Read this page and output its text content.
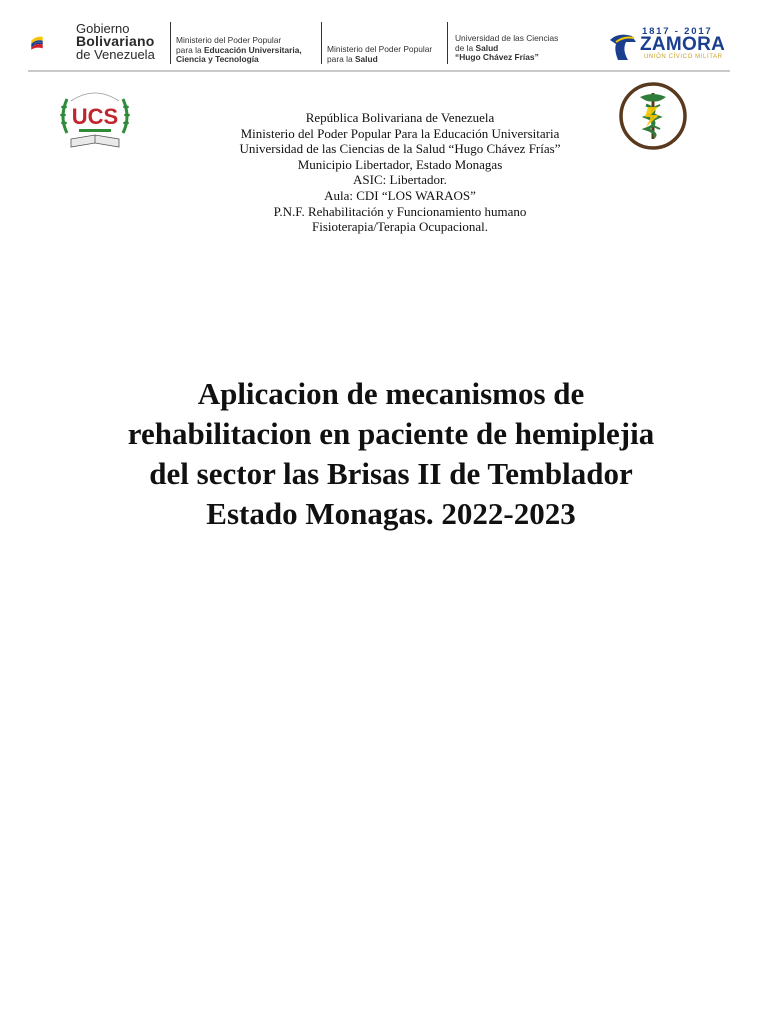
Gobierno
Bolivariano
de Venezuela
Ministerio del Poder Popular
para la Educación Universitaria,
Ciencia y Tecnología
Ministerio del Poder Popular
para la Salud
Universidad de las Ciencias
de la Salud
“Hugo Chávez Frías”
1817 - 2017
ZAMORA
UNIÓN CÍVICO MILITAR
UCS	República Bolivariana de Venezuela
Ministerio del Poder Popular Para la Educación Universitaria
Universidad de las Ciencias de la Salud “Hugo Chávez Frías”
Municipio Libertador, Estado Monagas
ASIC: Libertador.
Aula: CDI “LOS WARAOS”
P.N.F. Rehabilitación y Funcionamiento humano
Fisioterapia/Terapia Ocupacional.
Aplicacion de mecanismos de
rehabilitacion en paciente de hemiplejia
del sector las Brisas II de Temblador
Estado Monagas. 2022-2023
